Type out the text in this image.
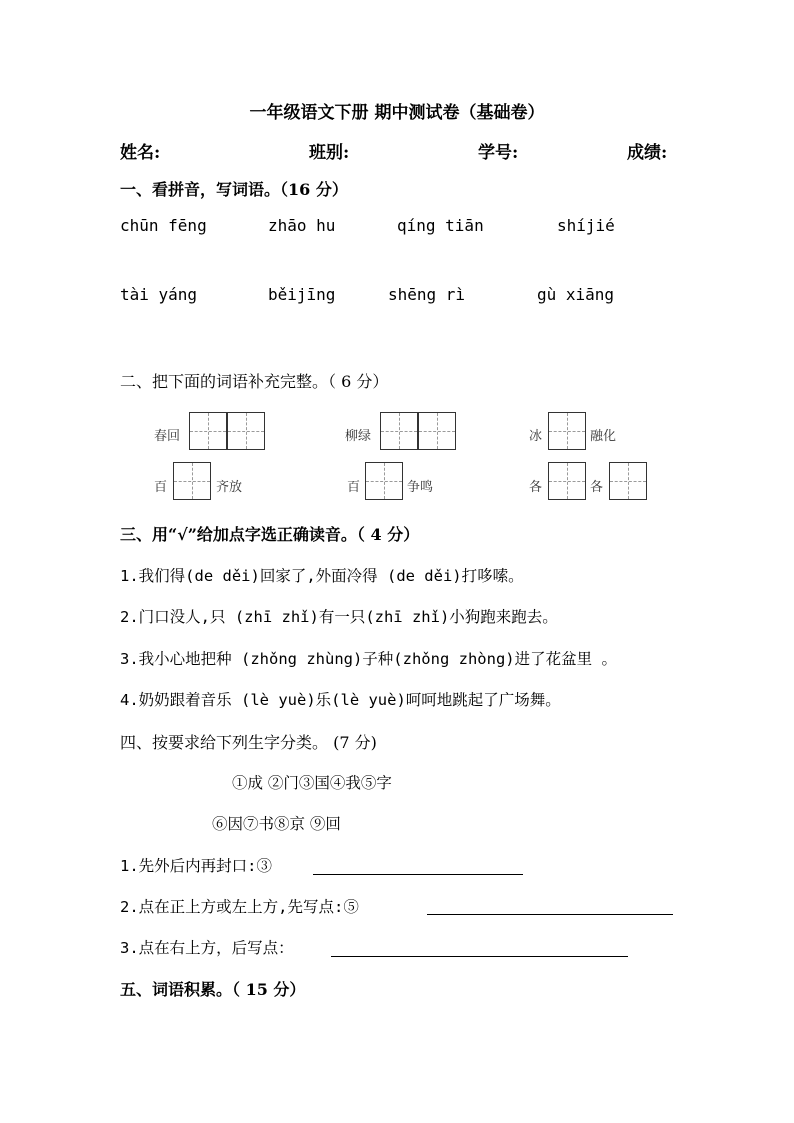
一年级语文下册 期中测试卷（基础卷）
姓名:	班别:	学号:	成绩:
一、看拼音，写词语。（16 分）
chūn fēng	zhāo hu	qíng tiān	shíjié
tài yáng	běijīng	shēng rì	gù xiāng
二、把下面的词语补充完整。（ 6 分）
春回	柳绿	冰	融化
百	齐放	百	争鸣	各	各
三、用“√”给加点字选正确读音。（ 4 分）
1.我们得(de děi)回家了,外面冷得 (de děi)打哆嗦。
2.门口没人,只 (zhī zhǐ)有一只(zhī zhǐ)小狗跑来跑去。
3.我小心地把种 (zhǒng zhùng)子种(zhǒng zhòng)进了花盆里 。
4.奶奶跟着音乐 (lè yuè)乐(lè yuè)呵呵地跳起了广场舞。
四、按要求给下列生字分类。 (7 分)
①成 ②门③国④我⑤字
⑥因⑦书⑧京 ⑨回
1.先外后内再封口:③
2.点在正上方或左上方,先写点:⑤
3.点在右上方，后写点：
五、词语积累。（ 15 分）
